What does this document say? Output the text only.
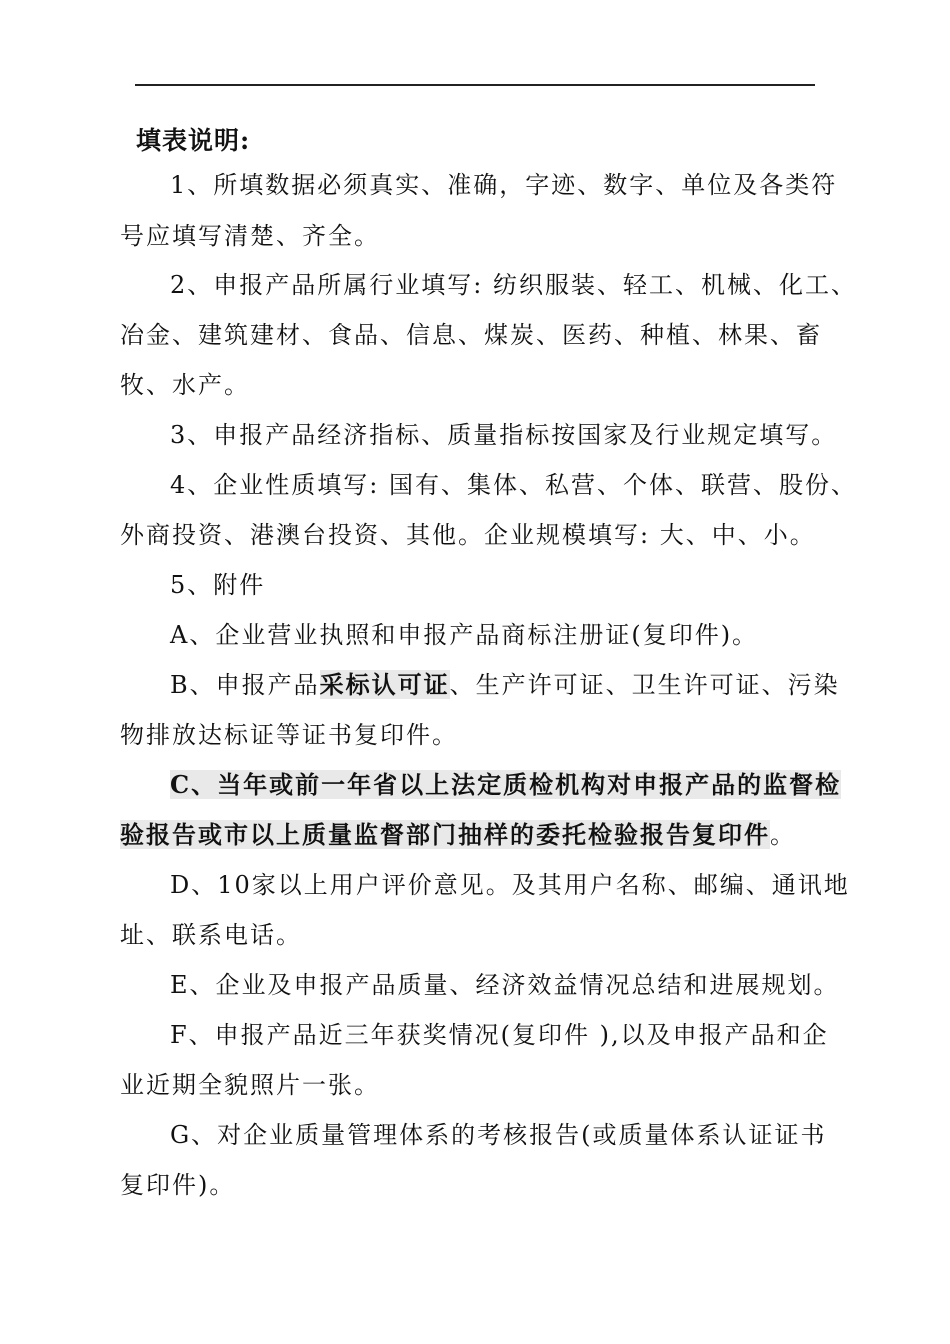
填表说明:
1、所填数据必须真实、准确，字迹、数字、单位及各类符
号应填写清楚、齐全。
2、申报产品所属行业填写: 纺织服装、轻工、机械、化工、
冶金、建筑建材、食品、信息、煤炭、医药、种植、林果、畜
牧、水产。
3、申报产品经济指标、质量指标按国家及行业规定填写。
4、企业性质填写: 国有、集体、私营、个体、联营、股份、
外商投资、港澳台投资、其他。企业规模填写: 大、中、小。
5、附件
A、企业营业执照和申报产品商标注册证(复印件)。
B、申报产品采标认可证、生产许可证、卫生许可证、污染
物排放达标证等证书复印件。
C、当年或前一年省以上法定质检机构对申报产品的监督检
验报告或市以上质量监督部门抽样的委托检验报告复印件。
D、10家以上用户评价意见。及其用户名称、邮编、通讯地
址、联系电话。
E、企业及申报产品质量、经济效益情况总结和进展规划。
F、申报产品近三年获奖情况(复印件 ),以及申报产品和企
业近期全貌照片一张。
G、对企业质量管理体系的考核报告(或质量体系认证证书
复印件)。
